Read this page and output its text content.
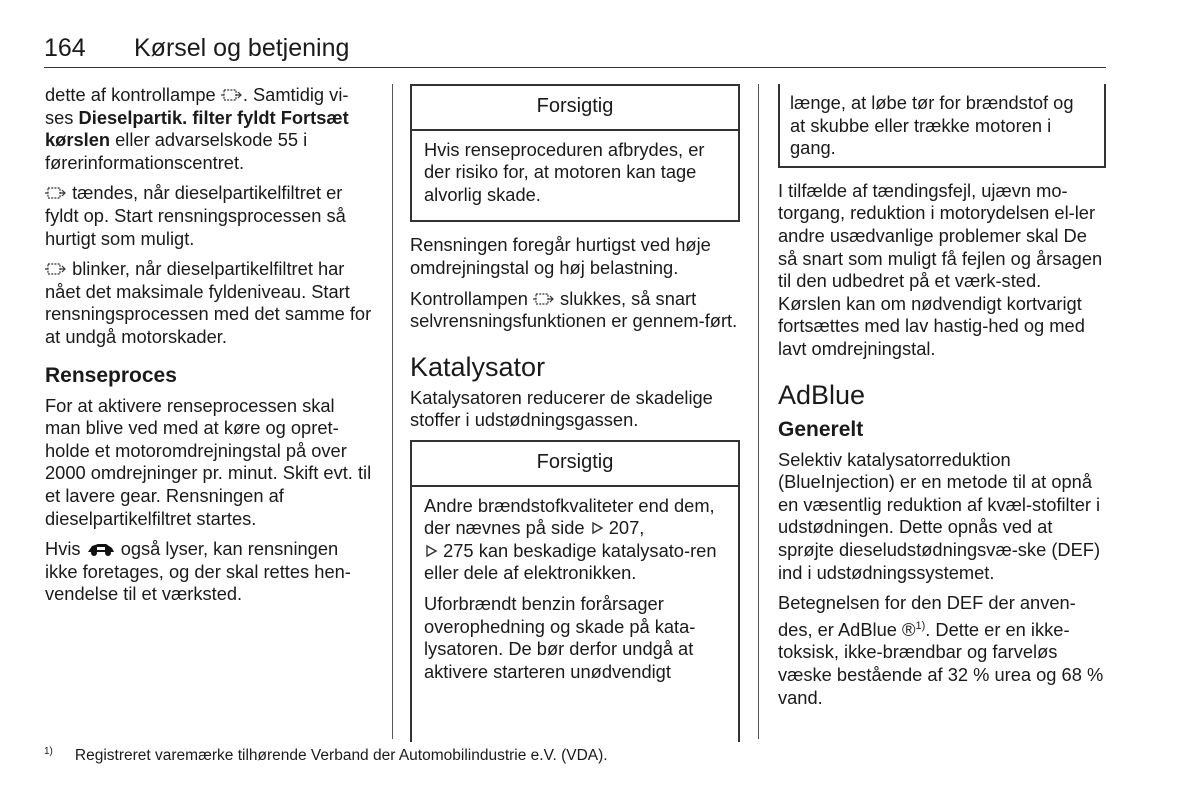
164 Kørsel og betjening

dette af kontrollampe . Samtidig vi-ses Dieselpartik. filter fyldt Fortsæt kørslen eller advarselskode 55 i førerinformationscentret.

tændes, når dieselpartikelfiltret er fyldt op. Start rensningsprocessen så hurtigt som muligt.

blinker, når dieselpartikelfiltret har nået det maksimale fyldeniveau. Start rensningsprocessen med det samme for at undgå motorskader.

Renseproces

For at aktivere renseprocessen skal man blive ved med at køre og opret-holde et motoromdrejningstal på over 2000 omdrejninger pr. minut. Skift evt. til et lavere gear. Rensningen af dieselpartikelfiltret startes.

Hvis  også lyser, kan rensningen ikke foretages, og der skal rettes hen-vendelse til et værksted.

Forsigtig

Hvis renseproceduren afbrydes, er der risiko for, at motoren kan tage alvorlig skade.

Rensningen foregår hurtigst ved høje omdrejningstal og høj belastning.

Kontrollampen  slukkes, så snart selvrensningsfunktionen er gennem-ført.

Katalysator

Katalysatoren reducerer de skadelige stoffer i udstødningsgassen.

Forsigtig

Andre brændstofkvaliteter end dem, der nævnes på side  207,
275 kan beskadige katalysato-ren eller dele af elektronikken.

Uforbrændt benzin forårsager overophedning og skade på kata-lysatoren. De bør derfor undgå at aktivere starteren unødvendigt

længe, at løbe tør for brændstof og at skubbe eller trække motoren i gang.

I tilfælde af tændingsfejl, ujævn mo-torgang, reduktion i motorydelsen el-ler andre usædvanlige problemer skal De så snart som muligt få fejlen og årsagen til den udbedret på et værk-sted. Kørslen kan om nødvendigt kortvarigt fortsættes med lav hastig-hed og med lavt omdrejningstal.

AdBlue
Generelt

Selektiv katalysatorreduktion (BlueInjection) er en metode til at opnå en væsentlig reduktion af kvæl-stofilter i udstødningen. Dette opnås ved at sprøjte dieseludstødningsvæ-ske (DEF) ind i udstødningssystemet.

Betegnelsen for den DEF der anven-des, er AdBlue ®$^{1)}$. Dette er en ikke-toksisk, ikke-brændbar og farveløs væske bestående af 32 % urea og 68 % vand.

$^{1)}$ Registreret varemærke tilhørende Verband der Automobilindustrie e.V. (VDA).
